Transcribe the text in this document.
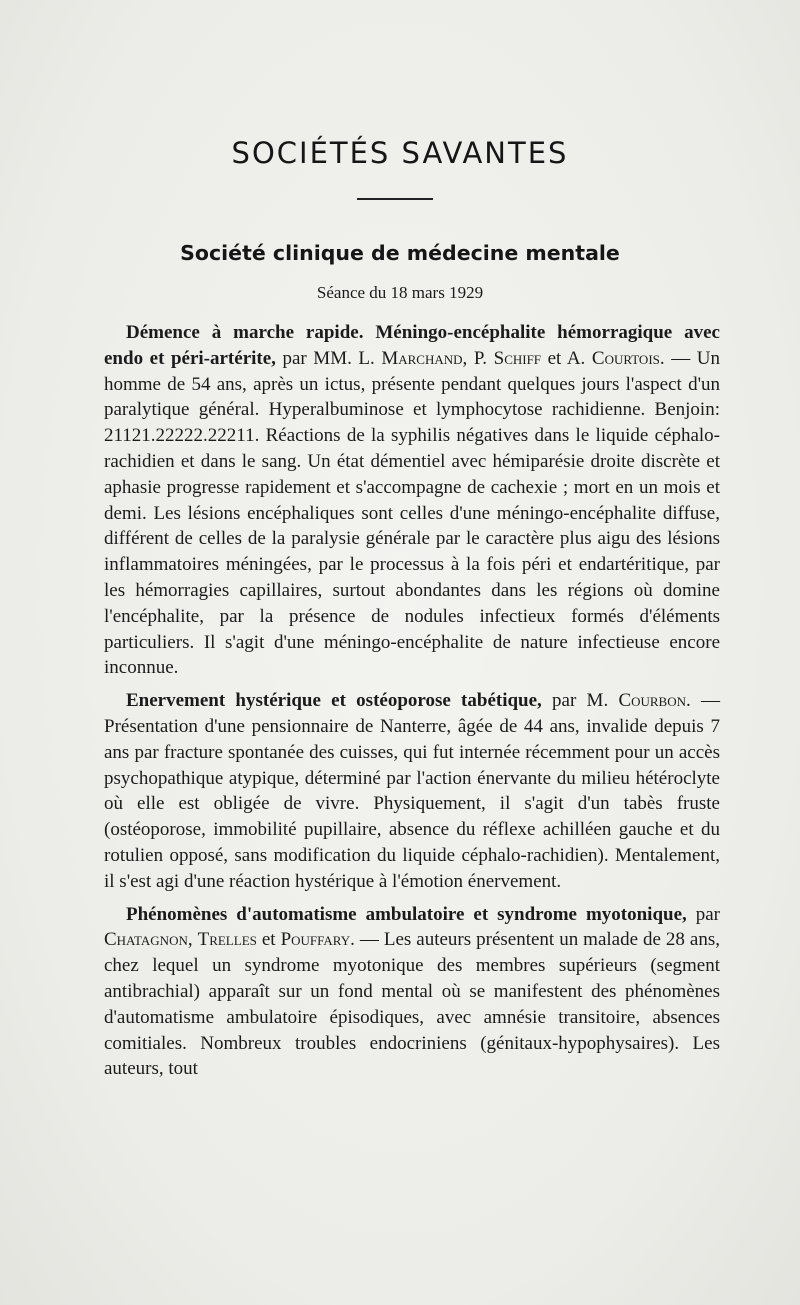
SOCIÉTÉS SAVANTES
Société clinique de médecine mentale
Séance du 18 mars 1929

Démence à marche rapide. Méningo-encéphalite hémorragique avec endo et péri-artérite, par MM. L. Marchand, P. Schiff et A. Courtois. — Un homme de 54 ans, après un ictus, présente pendant quelques jours l'aspect d'un paralytique général. Hyperalbuminose et lymphocytose rachidienne. Benjoin: 21121.22222.22211. Réactions de la syphilis négatives dans le liquide céphalo-rachidien et dans le sang. Un état démentiel avec hémiparésie droite discrète et aphasie progresse rapidement et s'accompagne de cachexie ; mort en un mois et demi. Les lésions encéphaliques sont celles d'une méningo-encéphalite diffuse, différent de celles de la paralysie générale par le caractère plus aigu des lésions inflammatoires méningées, par le processus à la fois péri et endartéritique, par les hémorragies capillaires, surtout abondantes dans les régions où domine l'encéphalite, par la présence de nodules infectieux formés d'éléments particuliers. Il s'agit d'une méningo-encéphalite de nature infectieuse encore inconnue.

Enervement hystérique et ostéoporose tabétique, par M. Courbon. — Présentation d'une pensionnaire de Nanterre, âgée de 44 ans, invalide depuis 7 ans par fracture spontanée des cuisses, qui fut internée récemment pour un accès psychopathique atypique, déterminé par l'action énervante du milieu hétéroclyte où elle est obligée de vivre. Physiquement, il s'agit d'un tabès fruste (ostéoporose, immobilité pupillaire, absence du réflexe achilléen gauche et du rotulien opposé, sans modification du liquide céphalo-rachidien). Mentalement, il s'est agi d'une réaction hystérique à l'émotion énervement.

Phénomènes d'automatisme ambulatoire et syndrome myotonique, par Chatagnon, Trelles et Pouffary. — Les auteurs présentent un malade de 28 ans, chez lequel un syndrome myotonique des membres supérieurs (segment antibrachial) apparaît sur un fond mental où se manifestent des phénomènes d'automatisme ambulatoire épisodiques, avec amnésie transitoire, absences comitiales. Nombreux troubles endocriniens (génitaux-hypophysaires). Les auteurs, tout
